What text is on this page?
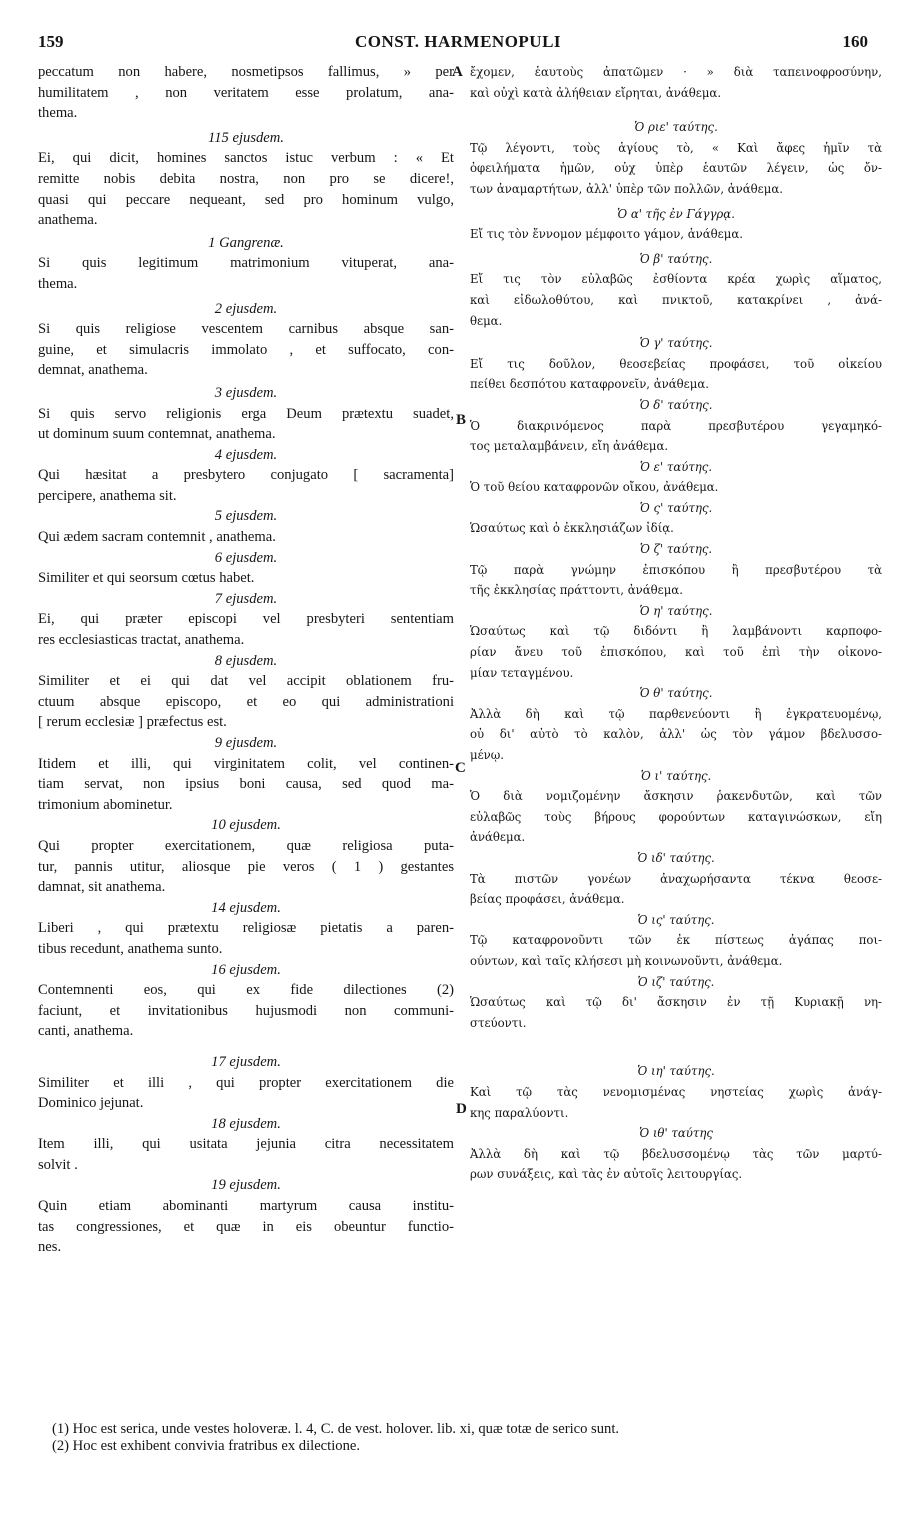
159	CONST. HARMENOPULI	160
A
B
C
D
peccatum non habere, nosmetipsos fallimus, » per
humilitatem , non veritatem esse prolatum, ana-
thema.
115 ejusdem.
Ei, qui dicit, homines sanctos istuc verbum : « Et
remitte nobis debita nostra, non pro se dicere!,
quasi qui peccare nequeant, sed pro hominum vulgo,
anathema.
1 Gangrenæ.
Si quis legitimum matrimonium vituperat, ana-
thema.
2 ejusdem.
Si quis religiose vescentem carnibus absque san-
guine, et simulacris immolato , et suffocato, con-
demnat, anathema.
3 ejusdem.
Si quis servo religionis erga Deum prætextu suadet,
ut dominum suum contemnat, anathema.
4 ejusdem.
Qui hæsitat a presbytero conjugato [ sacramenta]
percipere, anathema sit.
5 ejusdem.
Qui ædem sacram contemnit , anathema.
6 ejusdem.
Similiter et qui seorsum cœtus habet.
7 ejusdem.
Ei, qui præter episcopi vel presbyteri sententiam
res ecclesiasticas tractat, anathema.
8 ejusdem.
Similiter et ei qui dat vel accipit oblationem fru-
ctuum absque episcopo, et eo qui administrationi
[ rerum ecclesiæ ] præfectus est.
9 ejusdem.
Itidem et illi, qui virginitatem colit, vel continen-
tiam servat, non ipsius boni causa, sed quod ma-
trimonium abominetur.
10 ejusdem.
Qui propter exercitationem, quæ religiosa puta-
tur, pannis utitur, aliosque pie veros ( 1 ) gestantes
damnat, sit anathema.
14 ejusdem.
Liberi , qui prætextu religiosæ pietatis a paren-
tibus recedunt, anathema sunto.
16 ejusdem.
Contemnenti eos, qui ex fide dilectiones (2)
faciunt, et invitationibus hujusmodi non communi-
canti, anathema.
17 ejusdem.
Similiter et illi , qui propter exercitationem die
Dominico jejunat.
18 ejusdem.
Item illi, qui usitata jejunia citra necessitatem
solvit .
19 ejusdem.
Quin etiam abominanti martyrum causa institu-
tas congressiones, et quæ in eis obeuntur functio-
nes.
ἔχομεν, ἑαυτοὺς ἀπατῶμεν · » διὰ ταπεινοφροσύνην,
καὶ οὐχὶ κατὰ ἀλήθειαν εἴρηται, ἀνάθεμα.
Ὁ ριε' ταύτης.
Τῷ λέγοντι, τοὺς ἁγίους τὸ, « Καὶ ἄφες ἡμῖν τὰ
ὀφειλήματα ἡμῶν, οὐχ ὑπὲρ ἑαυτῶν λέγειν, ὡς ὄν-
των ἀναμαρτήτων, ἀλλ' ὑπὲρ τῶν πολλῶν, ἀνάθεμα.
Ὁ α' τῆς ἐν Γάγγρᾳ.
Εἴ τις τὸν ἔννομον μέμφοιτο γάμον, ἀνάθεμα.
Ὁ β' ταύτης.
Εἴ τις τὸν εὐλαβῶς ἐσθίοντα κρέα χωρὶς αἵματος,
καὶ εἰδωλοθύτου, καὶ πνικτοῦ, κατακρίνει , ἀνά-
θεμα.
Ὁ γ' ταύτης.
Εἴ τις δοῦλον, θεοσεβείας προφάσει, τοῦ οἰκείου
πείθει δεσπότου καταφρονεῖν, ἀνάθεμα.
Ὁ δ' ταύτης.
Ὁ διακρινόμενος παρὰ πρεσβυτέρου γεγαμηκό-
τος μεταλαμβάνειν, εἴη ἀνάθεμα.
Ὁ ε' ταύτης.
Ὁ τοῦ θείου καταφρονῶν οἴκου, ἀνάθεμα.
Ὁ ς' ταύτης.
Ὡσαύτως καὶ ὁ ἐκκλησιάζων ἰδίᾳ.
Ὁ ζ' ταύτης.
Τῷ παρὰ γνώμην ἐπισκόπου ἢ πρεσβυτέρου τὰ
τῆς ἐκκλησίας πράττοντι, ἀνάθεμα.
Ὁ η' ταύτης.
Ὡσαύτως καὶ τῷ διδόντι ἢ λαμβάνοντι καρποφο-
ρίαν ἄνευ τοῦ ἐπισκόπου, καὶ τοῦ ἐπὶ τὴν οἰκονο-
μίαν τεταγμένου.
Ὁ θ' ταύτης.
Ἀλλὰ δὴ καὶ τῷ παρθενεύοντι ἢ ἐγκρατευομένῳ,
οὐ δι' αὐτὸ τὸ καλὸν, ἀλλ' ὡς τὸν γάμον βδελυσσο-
μένῳ.
Ὁ ι' ταύτης.
Ὁ διὰ νομιζομένην ἄσκησιν ῥακενδυτῶν, καὶ τῶν
εὐλαβῶς τοὺς βήρους φορούντων καταγινώσκων, εἴη
ἀνάθεμα.
Ὁ ιδ' ταύτης.
Τὰ πιστῶν γονέων ἀναχωρήσαντα τέκνα θεοσε-
βείας προφάσει, ἀνάθεμα.
Ὁ ις' ταύτης.
Τῷ καταφρονοῦντι τῶν ἐκ πίστεως ἀγάπας ποι-
ούντων, καὶ ταῖς κλήσεσι μὴ κοινωνοῦντι, ἀνάθεμα.
Ὁ ιζ' ταύτης.
Ὡσαύτως καὶ τῷ δι' ἄσκησιν ἐν τῇ Κυριακῇ νη-
στεύοντι.
Ὁ ιη' ταύτης.
Καὶ τῷ τὰς νενομισμένας νηστείας χωρὶς ἀνάγ-
κης παραλύοντι.
Ὁ ιθ' ταύτης
Ἀλλὰ δὴ καὶ τῷ βδελυσσομένῳ τὰς τῶν μαρτύ-
ρων συνάξεις, καὶ τὰς ἐν αὐτοῖς λειτουργίας.
(1) Hoc est serica, unde vestes holoveræ. l. 4, C. de vest. holover. lib. xi, quæ totæ de serico sunt.
(2) Hoc est exhibent convivia fratribus ex dilectione.
